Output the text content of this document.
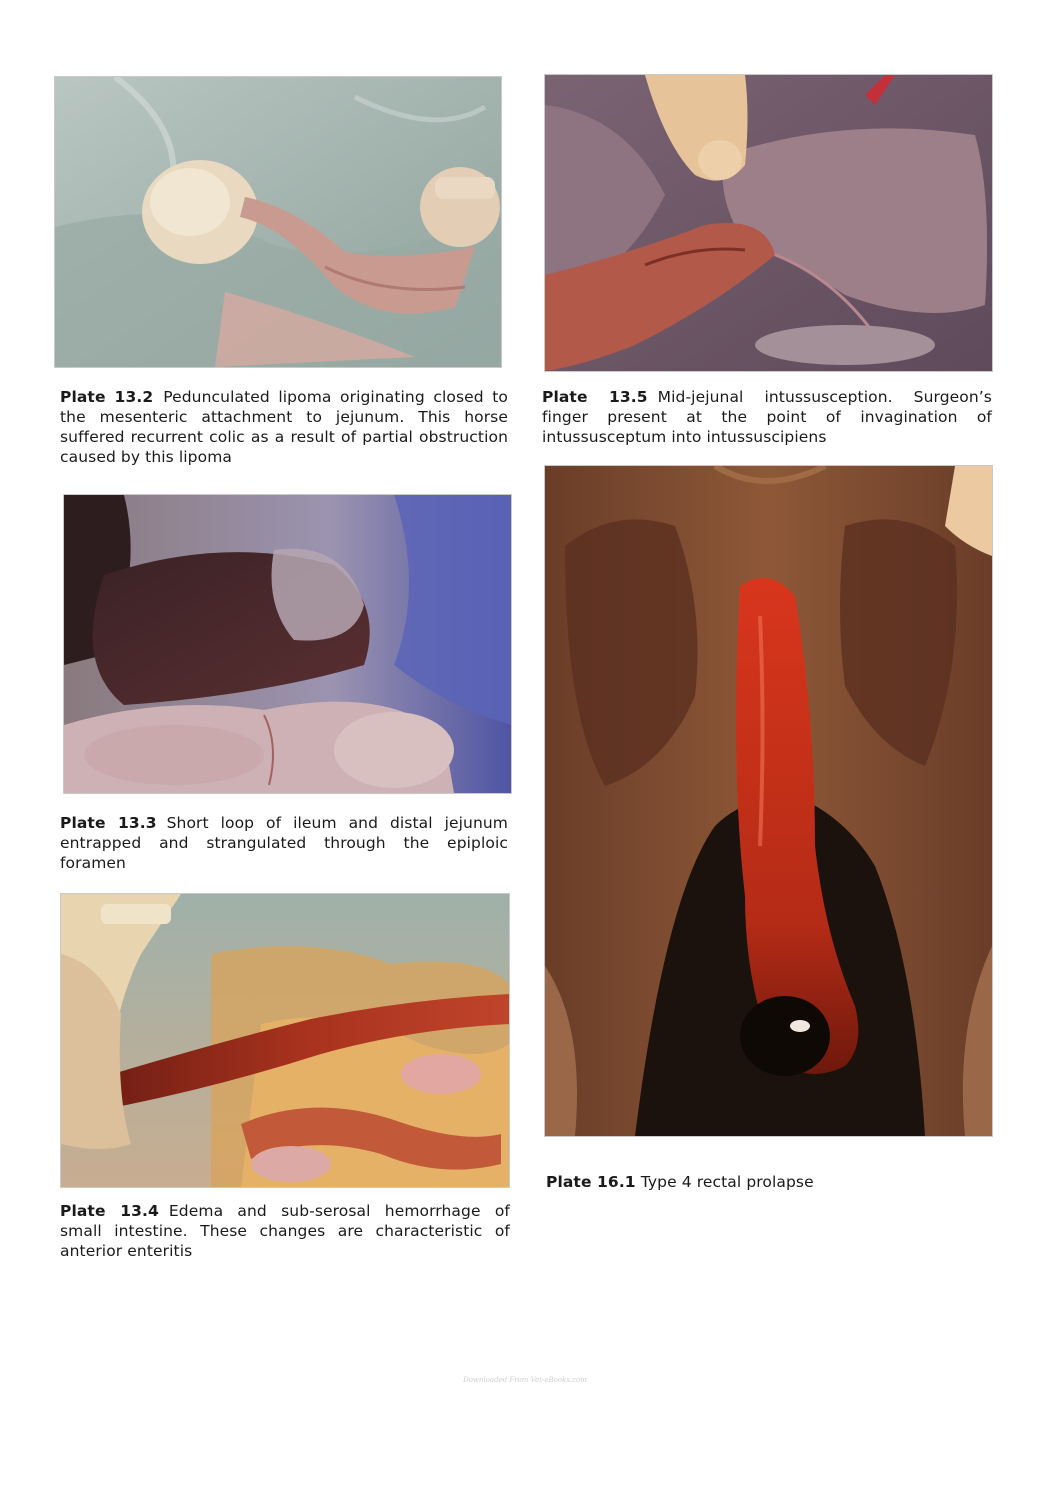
Plate 13.2 Pedunculated lipoma originating closed to the mesenteric attachment to jejunum. This horse suffered recurrent colic as a result of partial obstruction caused by this lipoma
Plate 13.3 Short loop of ileum and distal jejunum entrapped and strangulated through the epiploic foramen
Plate 13.4 Edema and sub-serosal hemorrhage of small intestine. These changes are characteristic of anterior enteritis
Plate 13.5 Mid-jejunal intussusception. Surgeon’s finger present at the point of invagination of intussusceptum into intussuscipiens
Plate 16.1 Type 4 rectal prolapse
Downloaded From Vet-eBooks.com
